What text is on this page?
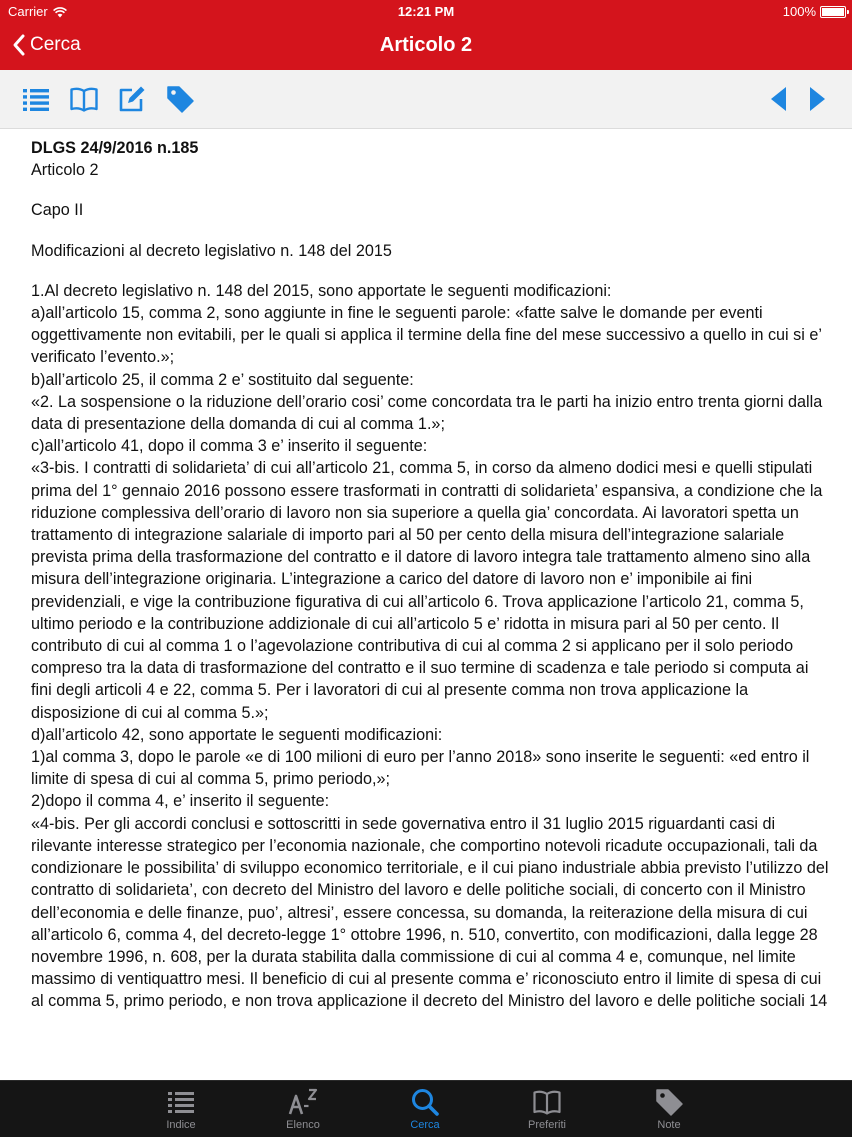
Carrier	12:21 PM	100%
Cerca	Articolo 2

DLGS 24/9/2016 n.185

Articolo 2

Capo II

Modificazioni al decreto legislativo n. 148 del 2015

1.Al decreto legislativo n. 148 del 2015, sono apportate le seguenti modificazioni:
a)all’articolo 15, comma 2, sono aggiunte in fine le seguenti parole: «fatte salve le domande per eventi oggettivamente non evitabili, per le quali si applica il termine della fine del mese successivo a quello in cui si e’ verificato l’evento.»;
b)all’articolo 25, il comma 2 e’ sostituito dal seguente:
«2. La sospensione o la riduzione dell’orario cosi’ come concordata tra le parti ha inizio entro trenta giorni dalla data di presentazione della domanda di cui al comma 1.»;
c)all’articolo 41, dopo il comma 3 e’ inserito il seguente:
«3-bis. I contratti di solidarieta’ di cui all’articolo 21, comma 5, in corso da almeno dodici mesi e quelli stipulati prima del 1° gennaio 2016 possono essere trasformati in contratti di solidarieta’ espansiva, a condizione che la riduzione complessiva dell’orario di lavoro non sia superiore a quella gia’ concordata. Ai lavoratori spetta un trattamento di integrazione salariale di importo pari al 50 per cento della misura dell’integrazione salariale prevista prima della trasformazione del contratto e il datore di lavoro integra tale trattamento almeno sino alla misura dell’integrazione originaria. L’integrazione a carico del datore di lavoro non e’ imponibile ai fini previdenziali, e vige la contribuzione figurativa di cui all’articolo 6. Trova applicazione l’articolo 21, comma 5, ultimo periodo e la contribuzione addizionale di cui all’articolo 5 e’ ridotta in misura pari al 50 per cento. Il contributo di cui al comma 1 o l’agevolazione contributiva di cui al comma 2 si applicano per il solo periodo compreso tra la data di trasformazione del contratto e il suo termine di scadenza e tale periodo si computa ai fini degli articoli 4 e 22, comma 5. Per i lavoratori di cui al presente comma non trova applicazione la disposizione di cui al comma 5.»;
d)all’articolo 42, sono apportate le seguenti modificazioni:
1)al comma 3, dopo le parole «e di 100 milioni di euro per l’anno 2018» sono inserite le seguenti: «ed entro il limite di spesa di cui al comma 5, primo periodo,»;
2)dopo il comma 4, e’ inserito il seguente:
«4-bis. Per gli accordi conclusi e sottoscritti in sede governativa entro il 31 luglio 2015 riguardanti casi di rilevante interesse strategico per l’economia nazionale, che comportino notevoli ricadute occupazionali, tali da condizionare le possibilita’ di sviluppo economico territoriale, e il cui piano industriale abbia previsto l’utilizzo del contratto di solidarieta’, con decreto del Ministro del lavoro e delle politiche sociali, di concerto con il Ministro dell’economia e delle finanze, puo’, altresi’, essere concessa, su domanda, la reiterazione della misura di cui all’articolo 6, comma 4, del decreto-legge 1° ottobre 1996, n. 510, convertito, con modificazioni, dalla legge 28 novembre 1996, n. 608, per la durata stabilita dalla commissione di cui al comma 4 e, comunque, nel limite massimo di ventiquattro mesi. Il beneficio di cui al presente comma e’ riconosciuto entro il limite di spesa di cui al comma 5, primo periodo, e non trova applicazione il decreto del Ministro del lavoro e delle politiche sociali 14

Indice	Elenco	Cerca	Preferiti	Note
